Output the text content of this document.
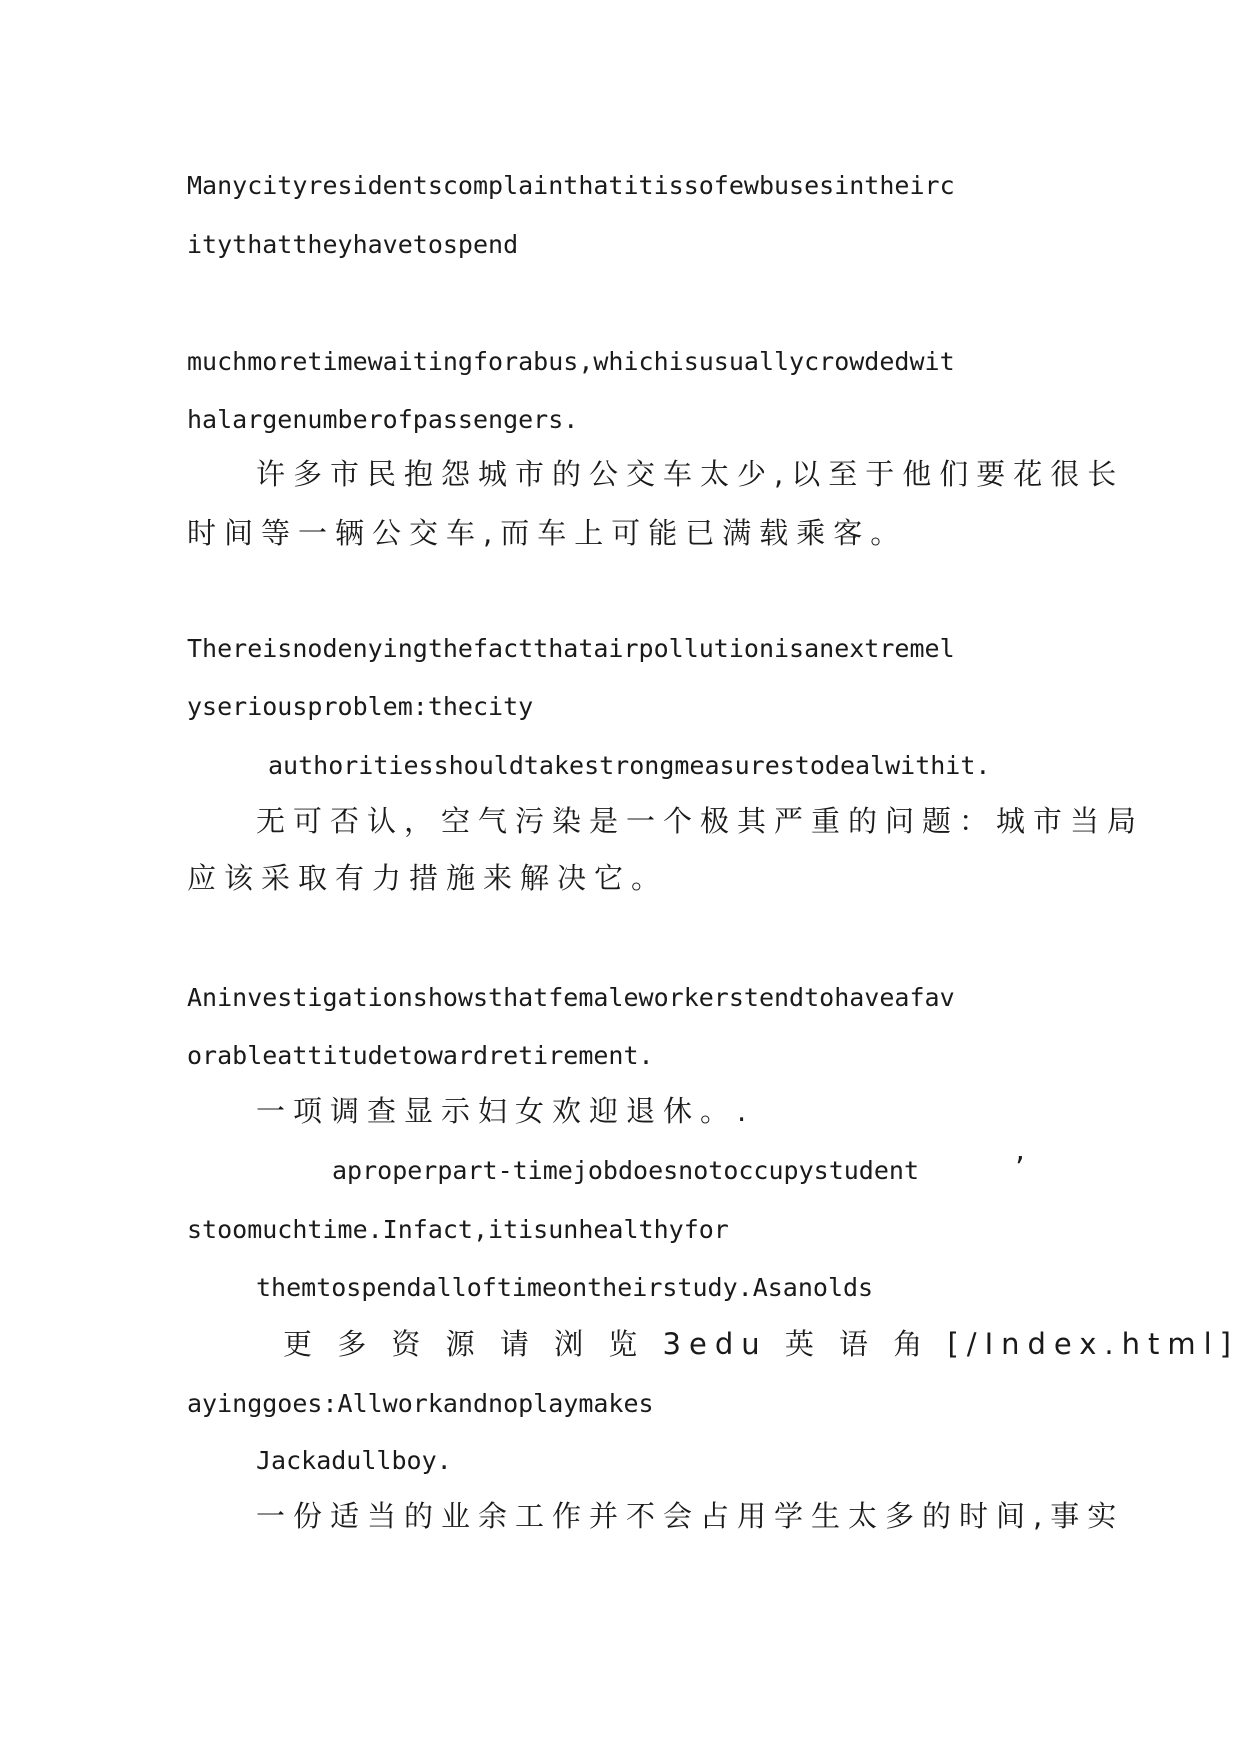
Manycityresidentscomplainthatitissofewbusesintheirc
itythattheyhavetospend
muchmoretimewaitingforabus,whichisusuallycrowdedwit
halargenumberofpassengers.
许多市民抱怨城市的公交车太少,以至于他们要花很长
时间等一辆公交车,而车上可能已满载乘客。
Thereisnodenyingthefactthatairpollutionisanextremel
yseriousproblem:thecity
authoritiesshouldtakestrongmeasurestodealwithit.
无可否认，空气污染是一个极其严重的问题：城市当局
应该采取有力措施来解决它。
Aninvestigationshowsthatfemaleworkerstendtohaveafav
orableattitudetowardretirement.
一项调查显示妇女欢迎退休。.
aproperpart-timejobdoesnotoccupystudent	’
stoomuchtime.Infact,itisunhealthyfor
themtospendalloftimeontheirstudy.Asanolds
更 多 资 源 请 浏 览 3edu 英 语 角 [/Index.html]
ayinggoes:Allworkandnoplaymakes
Jackadullboy.
一份适当的业余工作并不会占用学生太多的时间,事实
